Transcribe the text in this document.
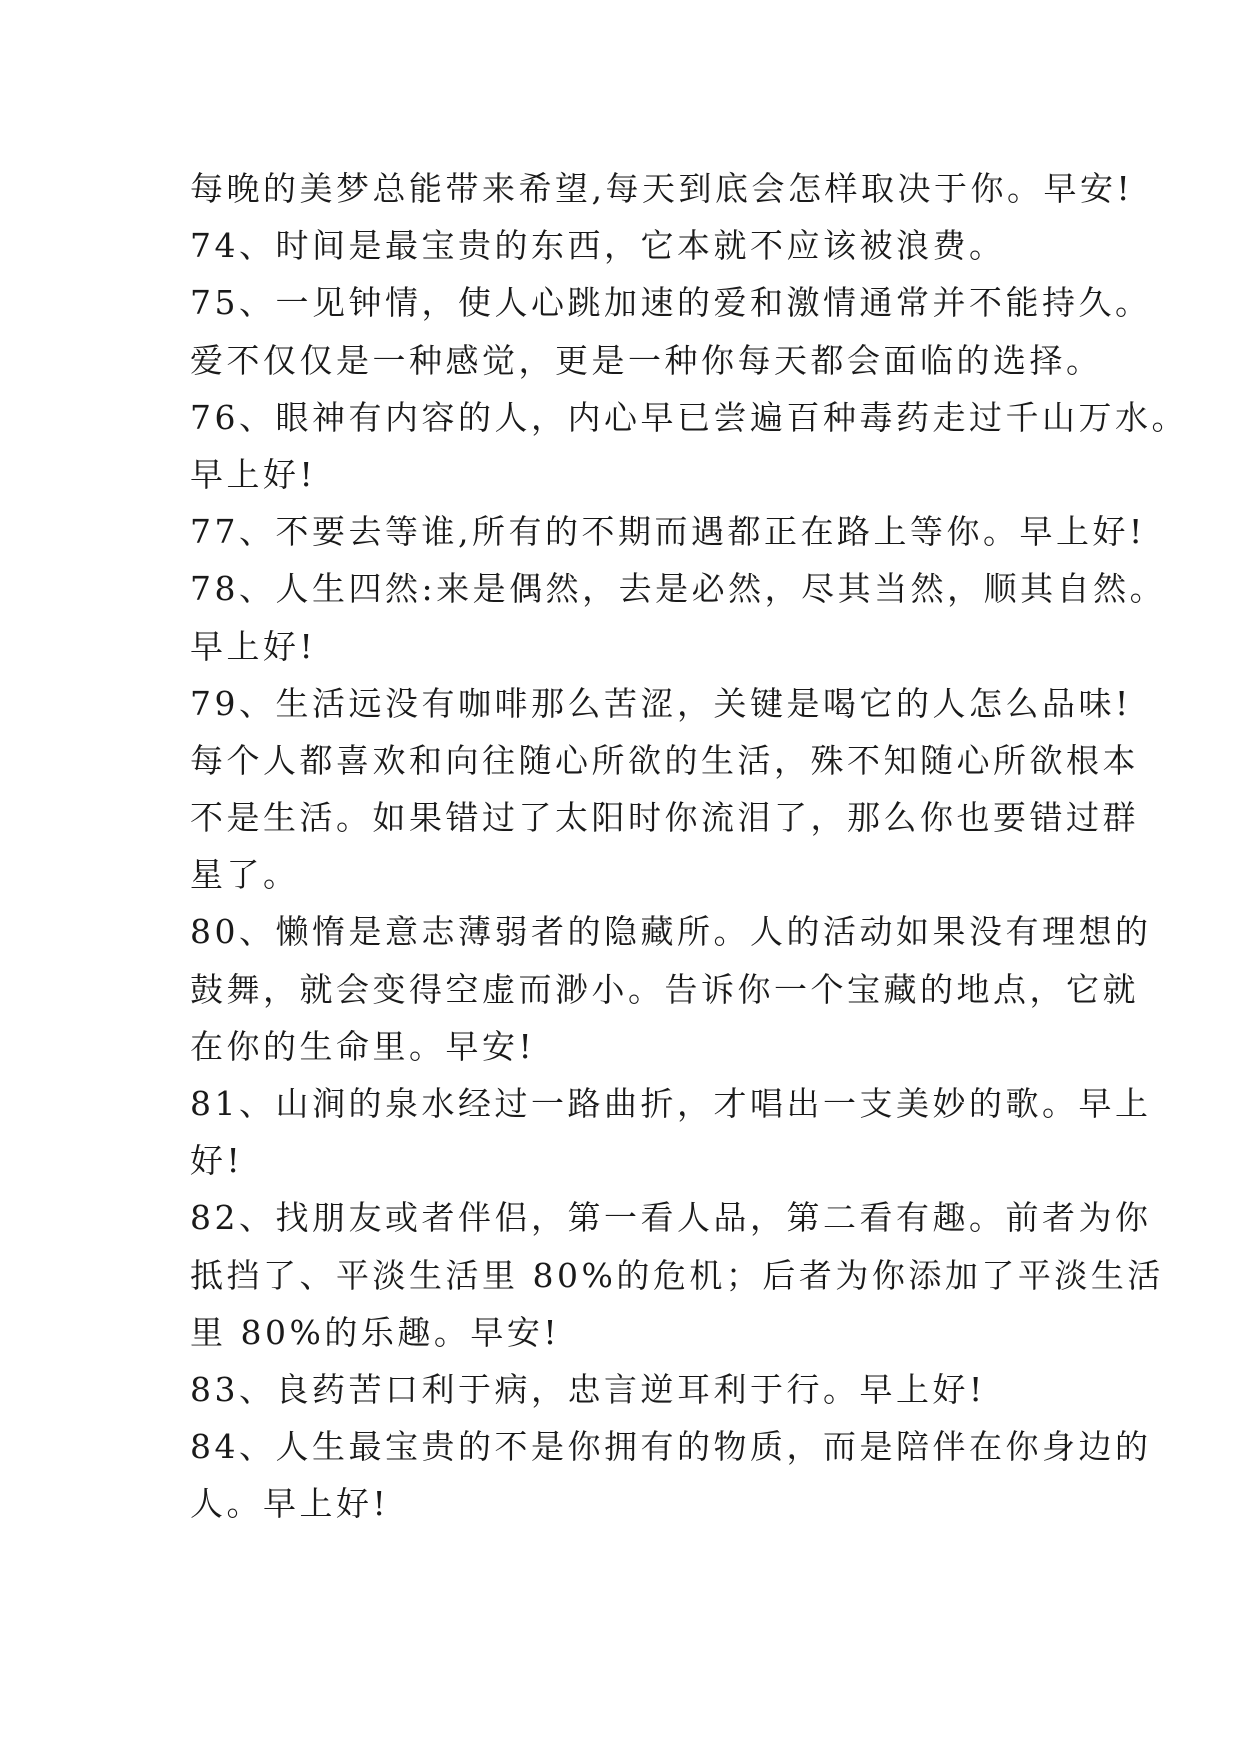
每晚的美梦总能带来希望,每天到底会怎样取决于你。早安!
74、时间是最宝贵的东西，它本就不应该被浪费。
75、一见钟情，使人心跳加速的爱和激情通常并不能持久。
爱不仅仅是一种感觉，更是一种你每天都会面临的选择。
76、眼神有内容的人，内心早已尝遍百种毒药走过千山万水。
早上好!
77、不要去等谁,所有的不期而遇都正在路上等你。早上好!
78、人生四然:来是偶然，去是必然，尽其当然，顺其自然。
早上好!
79、生活远没有咖啡那么苦涩，关键是喝它的人怎么品味!
每个人都喜欢和向往随心所欲的生活，殊不知随心所欲根本
不是生活。如果错过了太阳时你流泪了，那么你也要错过群
星了。
80、懒惰是意志薄弱者的隐藏所。人的活动如果没有理想的
鼓舞，就会变得空虚而渺小。告诉你一个宝藏的地点，它就
在你的生命里。早安!
81、山涧的泉水经过一路曲折，才唱出一支美妙的歌。早上
好!
82、找朋友或者伴侣，第一看人品，第二看有趣。前者为你
抵挡了、平淡生活里 80%的危机；后者为你添加了平淡生活
里 80%的乐趣。早安!
83、良药苦口利于病，忠言逆耳利于行。早上好!
84、人生最宝贵的不是你拥有的物质，而是陪伴在你身边的
人。早上好!
